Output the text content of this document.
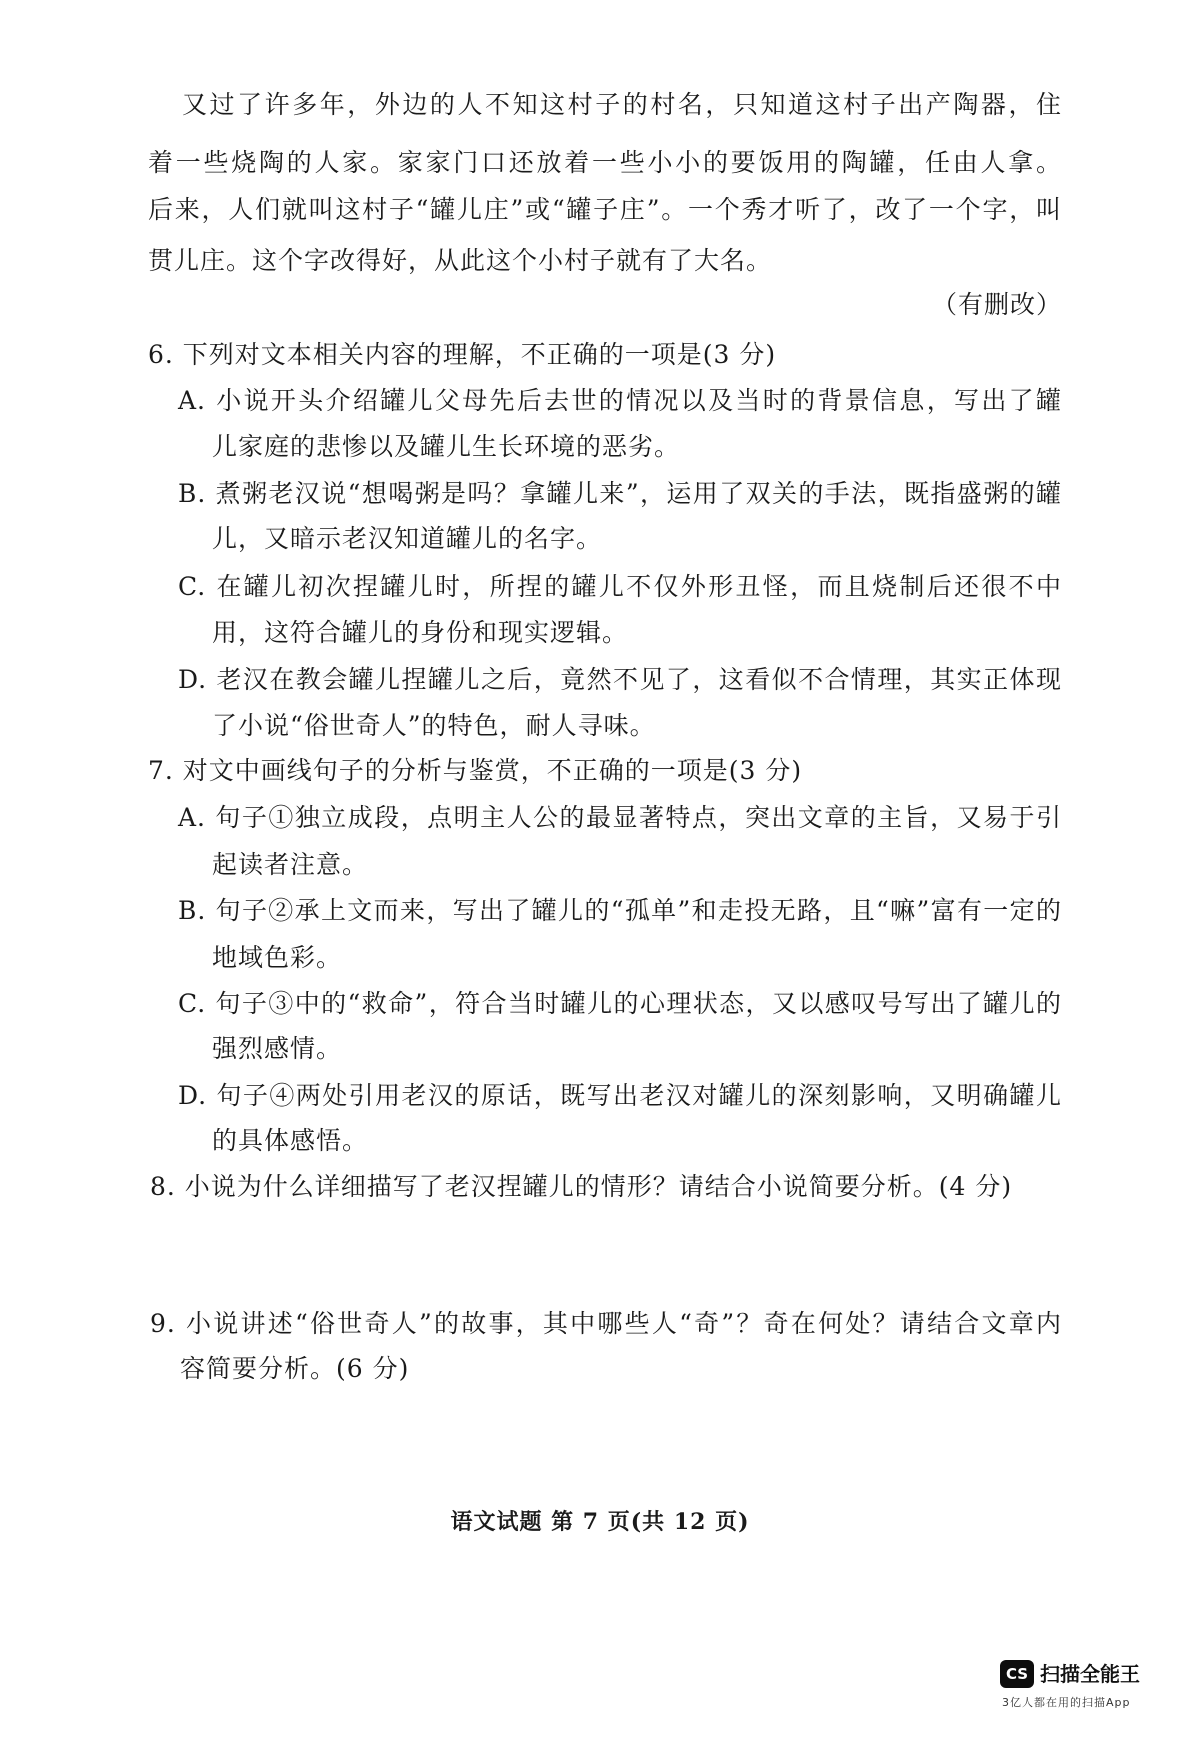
又过了许多年，外边的人不知这村子的村名，只知道这村子出产陶器，住
着一些烧陶的人家。家家门口还放着一些小小的要饭用的陶罐，任由人拿。
后来，人们就叫这村子“罐儿庄”或“罐子庄”。一个秀才听了，改了一个字，叫
贯儿庄。这个字改得好，从此这个小村子就有了大名。
（有删改）
6. 下列对文本相关内容的理解，不正确的一项是(3 分)
A. 小说开头介绍罐儿父母先后去世的情况以及当时的背景信息，写出了罐
儿家庭的悲惨以及罐儿生长环境的恶劣。
B. 煮粥老汉说“想喝粥是吗？拿罐儿来”，运用了双关的手法，既指盛粥的罐
儿，又暗示老汉知道罐儿的名字。
C. 在罐儿初次捏罐儿时，所捏的罐儿不仅外形丑怪，而且烧制后还很不中
用，这符合罐儿的身份和现实逻辑。
D. 老汉在教会罐儿捏罐儿之后，竟然不见了，这看似不合情理，其实正体现
了小说“俗世奇人”的特色，耐人寻味。
7. 对文中画线句子的分析与鉴赏，不正确的一项是(3 分)
A. 句子①独立成段，点明主人公的最显著特点，突出文章的主旨，又易于引
起读者注意。
B. 句子②承上文而来，写出了罐儿的“孤单”和走投无路，且“嘛”富有一定的
地域色彩。
C. 句子③中的“救命”，符合当时罐儿的心理状态，又以感叹号写出了罐儿的
强烈感情。
D. 句子④两处引用老汉的原话，既写出老汉对罐儿的深刻影响，又明确罐儿
的具体感悟。
8. 小说为什么详细描写了老汉捏罐儿的情形？请结合小说简要分析。(4 分)
9. 小说讲述“俗世奇人”的故事，其中哪些人“奇”？奇在何处？请结合文章内
容简要分析。(6 分)
语文试题 第 7 页(共 12 页)
CS 扫描全能王
3亿人都在用的扫描App
